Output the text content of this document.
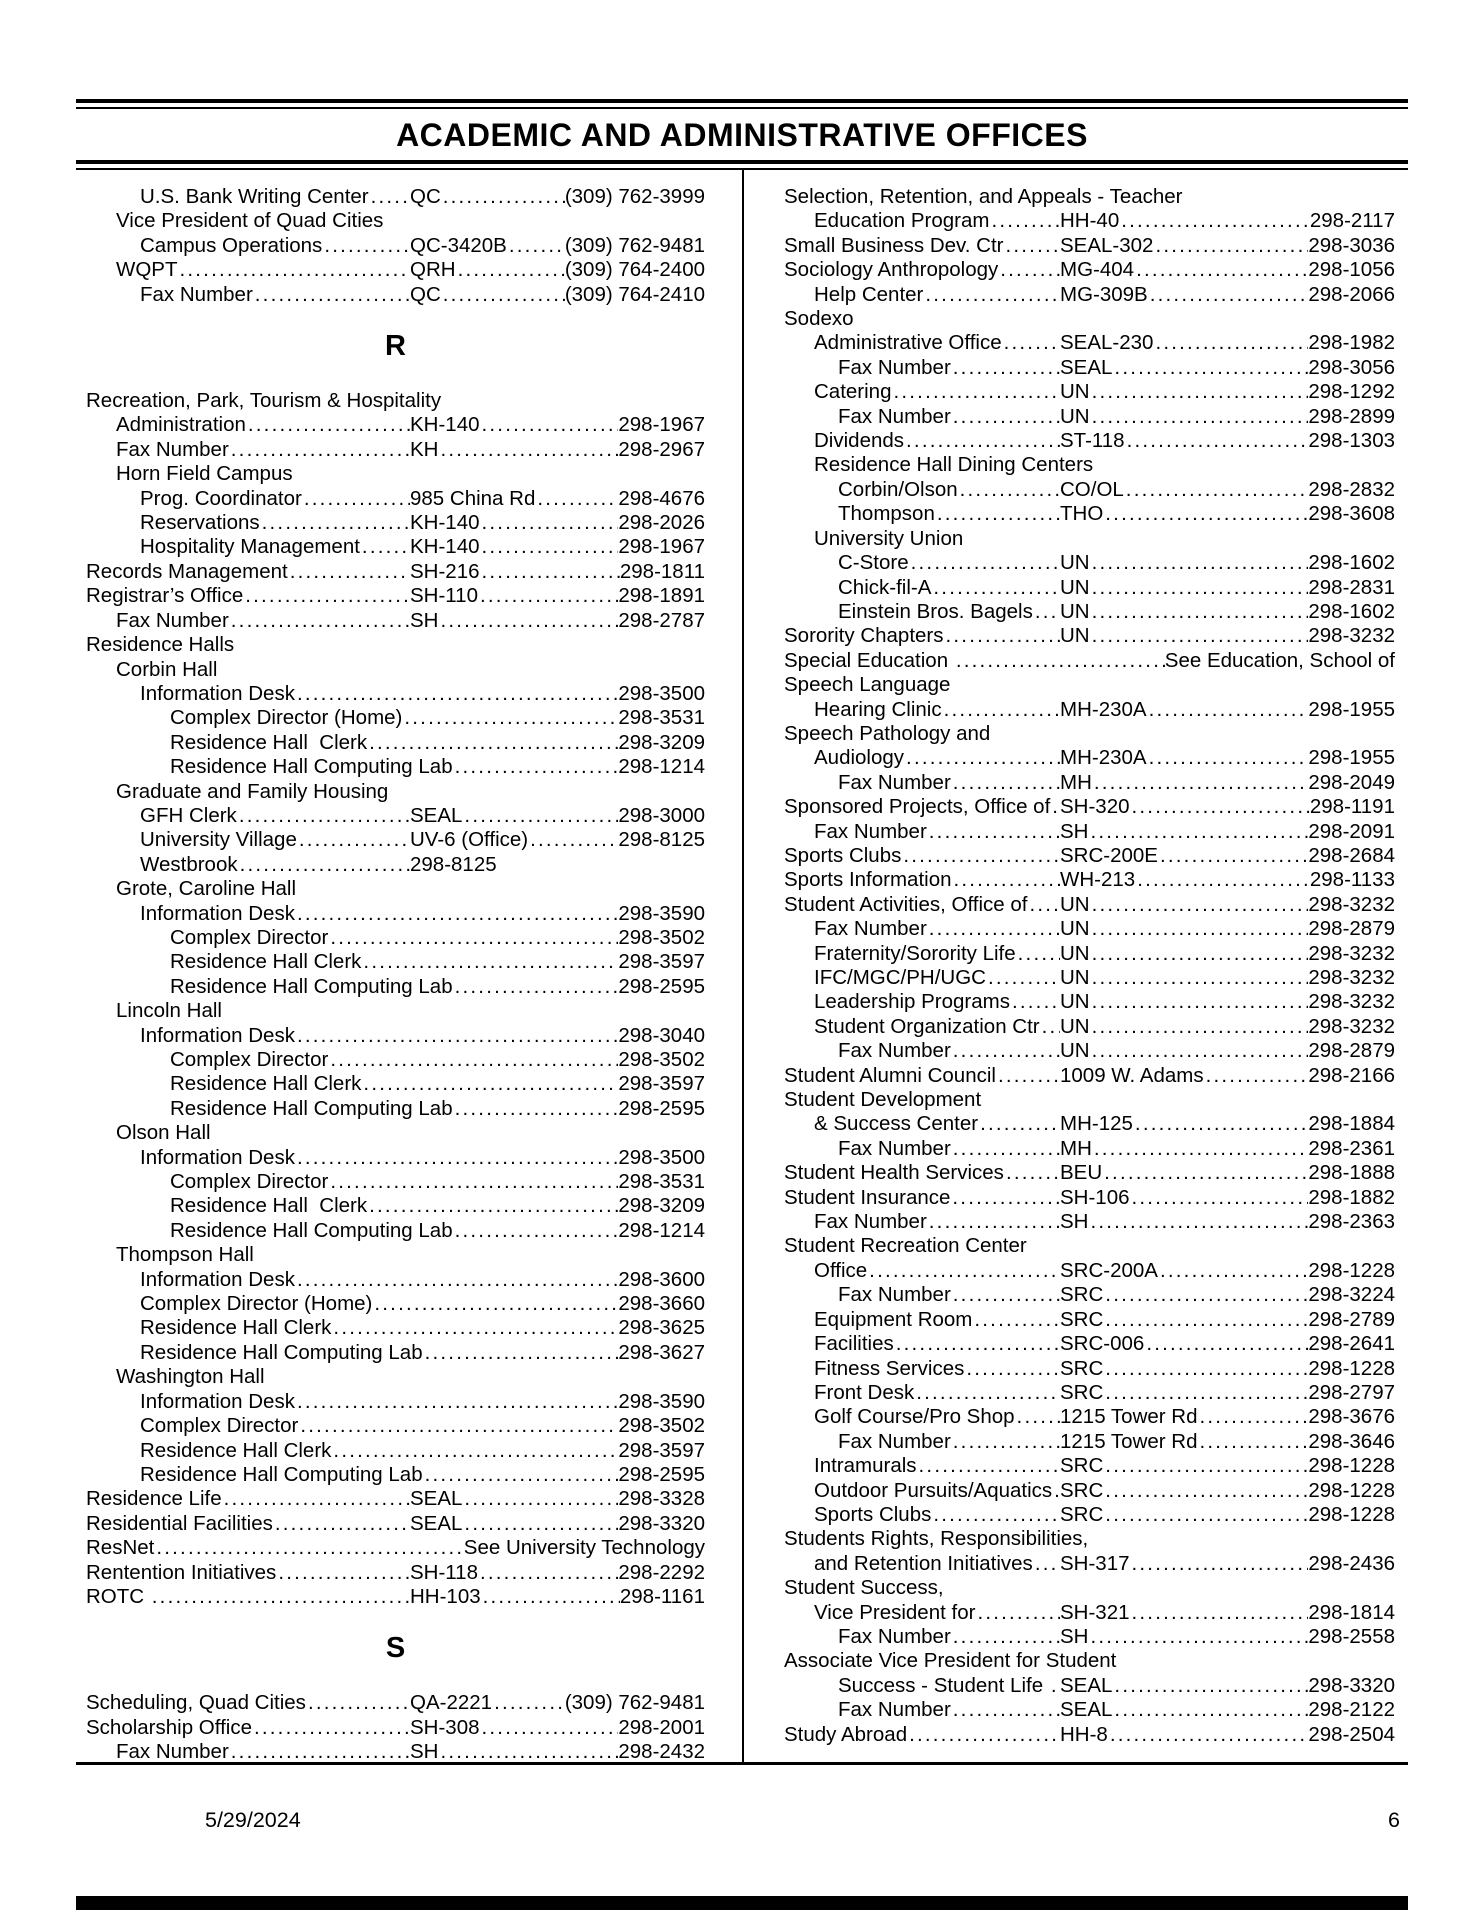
ACADEMIC AND ADMINISTRATIVE OFFICES
U.S. Bank Writing Center ..... QC .....	(309) 762-3999
Vice President of Quad Cities
Campus Operations .....	QC-3420B .....	(309) 762-9481
WQPT .....	QRH .....	(309) 764-2400
Fax Number .....	QC .....	(309) 764-2410
R
Recreation, Park, Tourism & Hospitality
Administration .....	KH-140 .....	298-1967
Fax Number .....	KH .....	298-2967
Horn Field Campus
Prog. Coordinator .....	985 China Rd .....	298-4676
Reservations .....	KH-140 .....	298-2026
Hospitality Management ..... KH-140 .....	298-1967
Records Management .....	SH-216 .....	298-1811
Registrar’s Office .....	SH-110 .....	298-1891
Fax Number .....	SH .....	298-2787
Residence Halls
Corbin Hall
Information Desk .....	298-3500
Complex Director (Home) .....	298-3531
Residence Hall  Clerk .....	298-3209
Residence Hall Computing Lab .....	298-1214
Graduate and Family Housing
GFH Clerk .....	SEAL .....	298-3000
University Village .....	UV-6 (Office) .....	298-8125
Westbrook .....	298-8125
Grote, Caroline Hall
Information Desk .....	298-3590
Complex Director .....	298-3502
Residence Hall Clerk .....	298-3597
Residence Hall Computing Lab .....	298-2595
Lincoln Hall
Information Desk .....	298-3040
Complex Director .....	298-3502
Residence Hall Clerk .....	298-3597
Residence Hall Computing Lab .....	298-2595
Olson Hall
Information Desk .....	298-3500
Complex Director .....	298-3531
Residence Hall  Clerk .....	298-3209
Residence Hall Computing Lab .....	298-1214
Thompson Hall
Information Desk .....	298-3600
Complex Director (Home) .....	298-3660
Residence Hall Clerk .....	298-3625
Residence Hall Computing Lab .....	298-3627
Washington Hall
Information Desk .....	298-3590
Complex Director .....	298-3502
Residence Hall Clerk .....	298-3597
Residence Hall Computing Lab .....	298-2595
Residence Life .....	SEAL .....	298-3328
Residential Facilities .....	SEAL .....	298-3320
ResNet .....	See University Technology
Rentention Initiatives .....	SH-118 .....	298-2292
ROTC .....	HH-103 .....	298-1161
S
Scheduling, Quad Cities .....	QA-2221 .....	(309) 762-9481
Scholarship Office .....	SH-308 .....	298-2001
Fax Number .....	SH .....	298-2432
Selection, Retention, and Appeals - Teacher
Education Program .....	HH-40 .....	298-2117
Small Business Dev. Ctr .....	SEAL-302 .....	298-3036
Sociology Anthropology .....	MG-404 .....	298-1056
Help Center .....	MG-309B .....	298-2066
Sodexo
Administrative Office .....	SEAL-230 .....	298-1982
Fax Number .....	SEAL .....	298-3056
Catering .....	UN .....	298-1292
Fax Number .....	UN .....	298-2899
Dividends .....	ST-118 .....	298-1303
Residence Hall Dining Centers
Corbin/Olson .....	CO/OL .....	298-2832
Thompson .....	THO .....	298-3608
University Union
C-Store .....	UN .....	298-1602
Chick-fil-A .....	UN .....	298-2831
Einstein Bros. Bagels ..... UN .....	298-1602
Sorority Chapters .....	UN .....	298-3232
Special Education .....	See Education, School of
Speech Language
Hearing Clinic .....	MH-230A .....	298-1955
Speech Pathology and
Audiology .....	MH-230A .....	298-1955
Fax Number .....	MH .....	298-2049
Sponsored Projects, Office of ..... SH-320 .....	298-1191
Fax Number .....	SH .....	298-2091
Sports Clubs .....	SRC-200E .....	298-2684
Sports Information .....	WH-213 .....	298-1133
Student Activities, Office of ..... UN .....	298-3232
Fax Number .....	UN .....	298-2879
Fraternity/Sorority Life ..... UN .....	298-3232
IFC/MGC/PH/UGC .....	UN .....	298-3232
Leadership Programs ..... UN .....	298-3232
Student Organization Ctr ..... UN .....	298-3232
Fax Number .....	UN .....	298-2879
Student Alumni Council .....	1009 W. Adams .....	298-2166
Student Development
& Success Center .....	MH-125 .....	298-1884
Fax Number .....	MH .....	298-2361
Student Health Services .....	BEU .....	298-1888
Student Insurance .....	SH-106 .....	298-1882
Fax Number .....	SH .....	298-2363
Student Recreation Center
Office .....	SRC-200A .....	298-1228
Fax Number .....	SRC .....	298-3224
Equipment Room .....	SRC .....	298-2789
Facilities .....	SRC-006 .....	298-2641
Fitness Services .....	SRC .....	298-1228
Front Desk .....	SRC .....	298-2797
Golf Course/Pro Shop ..... 1215 Tower Rd .....	298-3676
Fax Number .....	1215 Tower Rd .....	298-3646
Intramurals .....	SRC .....	298-1228
Outdoor Pursuits/Aquatics ..... SRC .....	298-1228
Sports Clubs .....	SRC .....	298-1228
Students Rights, Responsibilities,
and Retention Initiatives ..... SH-317 .....	298-2436
Student Success,
Vice President for .....	SH-321 .....	298-1814
Fax Number .....	SH .....	298-2558
Associate Vice President for Student
Success - Student Life ..... SEAL .....	298-3320
Fax Number .....	SEAL .....	298-2122
Study Abroad .....	HH-8 .....	298-2504
5/29/2024	6
